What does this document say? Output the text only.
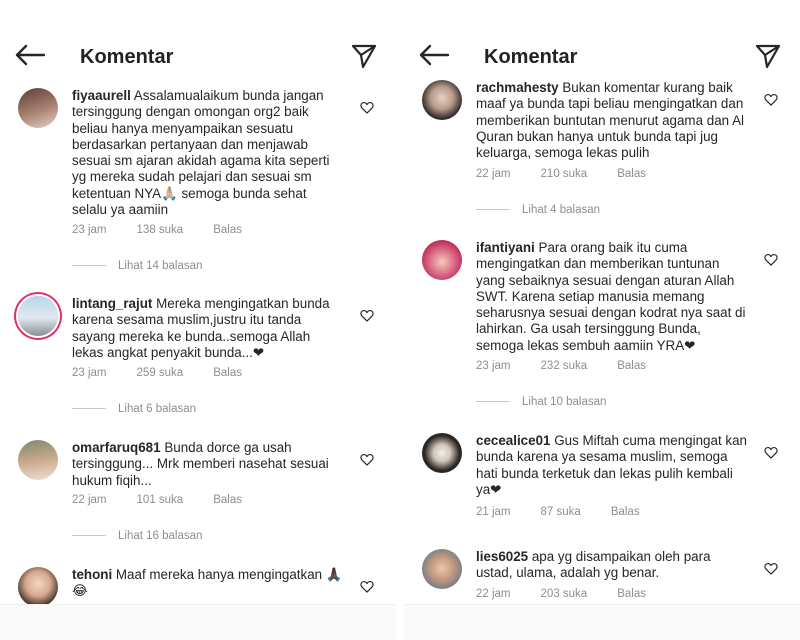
Komentar
fiyaaurell Assalamualaikum bunda jangan tersinggung dengan omongan org2 baik beliau hanya menyampaikan sesuatu berdasarkan pertanyaan dan menjawab sesuai sm ajaran akidah agama kita seperti yg mereka sudah pelajari dan sesuai sm ketentuan NYA🙏🏼 semoga bunda sehat selalu ya aamiin
23 jam	138 suka	Balas
Lihat 14 balasan
lintang_rajut Mereka mengingatkan bunda karena sesama muslim,justru itu tanda sayang mereka ke bunda..semoga Allah lekas angkat penyakit bunda...❤
23 jam	259 suka	Balas
Lihat 6 balasan
omarfaruq681 Bunda dorce ga usah tersinggung... Mrk memberi nasehat sesuai hukum fiqih...
22 jam	101 suka	Balas
Lihat 16 balasan
tehoni Maaf mereka hanya mengingatkan 🙏🏿😂
Komentar
rachmahesty Bukan komentar kurang baik maaf ya bunda tapi beliau mengingatkan dan memberikan buntutan menurut agama dan Al Quran bukan hanya untuk bunda tapi jug keluarga, semoga lekas pulih
22 jam	210 suka	Balas
Lihat 4 balasan
ifantiyani Para orang baik itu cuma mengingatkan dan memberikan tuntunan yang sebaiknya sesuai dengan aturan Allah SWT. Karena setiap manusia memang seharusnya sesuai dengan kodrat nya saat di lahirkan. Ga usah tersinggung Bunda, semoga lekas sembuh aamiin YRA❤
23 jam	232 suka	Balas
Lihat 10 balasan
cecealice01 Gus Miftah cuma mengingat kan bunda karena ya sesama muslim, semoga hati bunda terketuk dan lekas pulih kembali ya❤
21 jam	87 suka	Balas
lies6025 apa yg disampaikan oleh para ustad, ulama, adalah yg benar.
22 jam	203 suka	Balas
